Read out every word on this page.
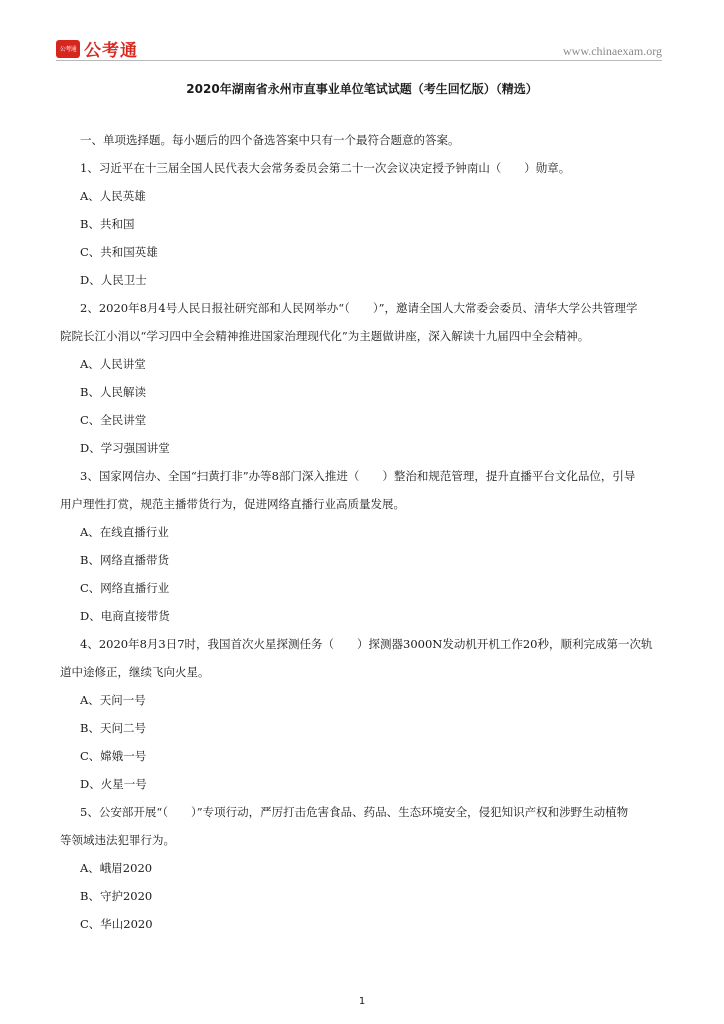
公考通 公考通	www.chinaexam.org
2020年湖南省永州市直事业单位笔试试题（考生回忆版）（精选）

一、单项选择题。每小题后的四个备选答案中只有一个最符合题意的答案。

1、习近平在十三届全国人民代表大会常务委员会第二十一次会议决定授予钟南山（　　）勋章。

A、人民英雄

B、共和国

C、共和国英雄

D、人民卫士

2、2020年8月4号人民日报社研究部和人民网举办“（　　）”，邀请全国人大常委会委员、清华大学公共管理学

院院长江小涓以“学习四中全会精神推进国家治理现代化”为主题做讲座，深入解读十九届四中全会精神。

A、人民讲堂

B、人民解读

C、全民讲堂

D、学习强国讲堂

3、国家网信办、全国“扫黄打非”办等8部门深入推进（　　）整治和规范管理，提升直播平台文化品位，引导

用户理性打赏，规范主播带货行为，促进网络直播行业高质量发展。

A、在线直播行业

B、网络直播带货

C、网络直播行业

D、电商直接带货

4、2020年8月3日7时，我国首次火星探测任务（　　）探测器3000N发动机开机工作20秒，顺利完成第一次轨

道中途修正，继续飞向火星。

A、天问一号

B、天问二号

C、嫦娥一号

D、火星一号

5、公安部开展“（　　）”专项行动，严厉打击危害食品、药品、生态环境安全，侵犯知识产权和涉野生动植物

等领域违法犯罪行为。

A、峨眉2020

B、守护2020

C、华山2020

1
